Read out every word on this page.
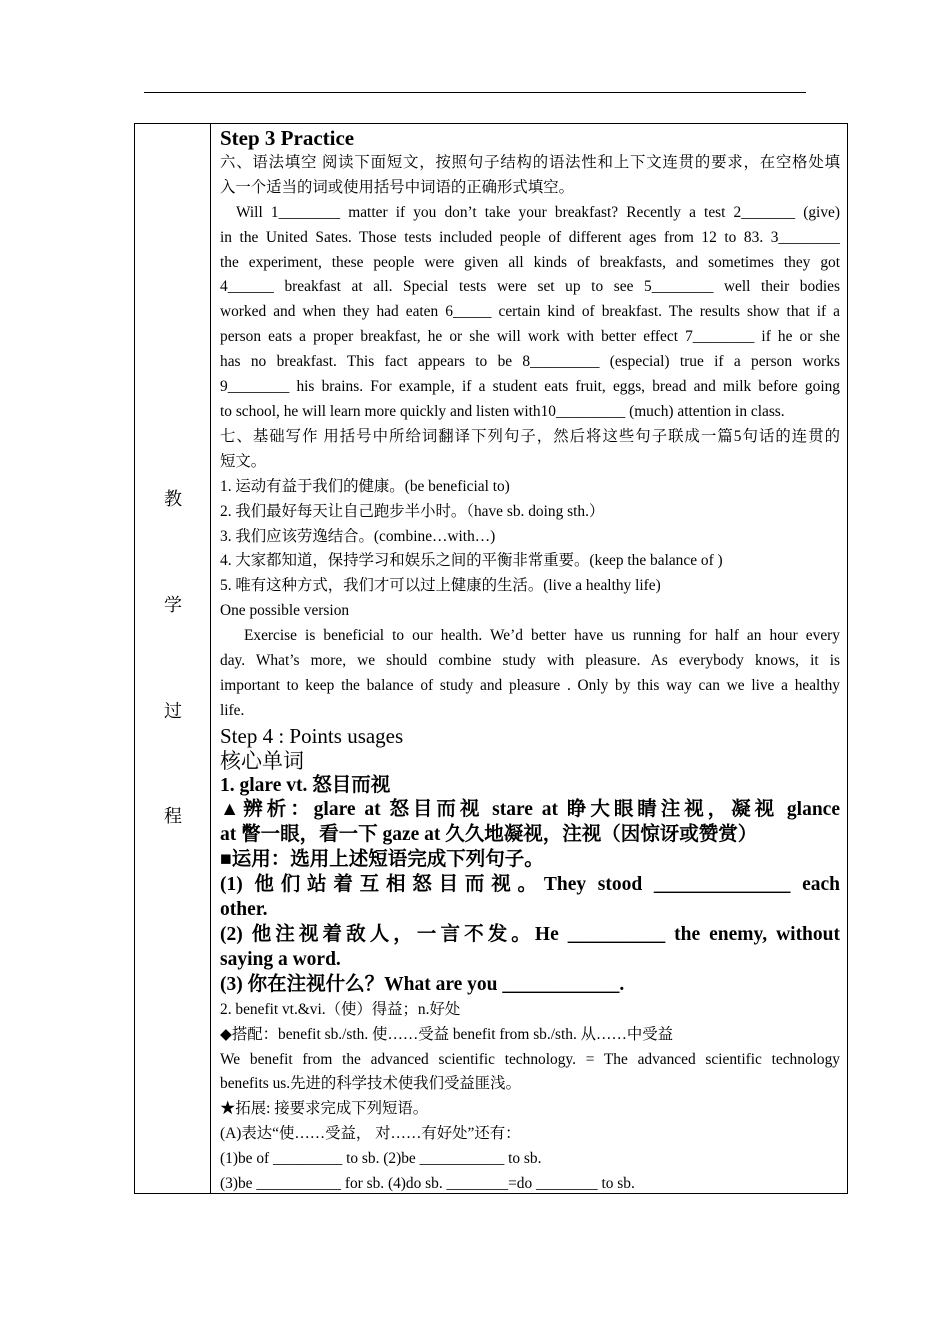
教
学
过
程
Step 3 Practice
六、语法填空 阅读下面短文，按照句子结构的语法性和上下文连贯的要求，在空格处填
入一个适当的词或使用括号中词语的正确形式填空。
Will 1________ matter if you don’t take your breakfast? Recently a test 2_______ (give)
in the United Sates. Those tests included people of different ages from 12 to 83. 3________
the experiment, these people were given all kinds of breakfasts, and sometimes they got
4______ breakfast at all. Special tests were set up to see 5________ well their bodies
worked and when they had eaten 6_____ certain kind of breakfast. The results show that if a
person eats a proper breakfast, he or she will work with better effect 7________ if he or she
has no breakfast. This fact appears to be 8_________ (especial) true if a person works
9________ his brains. For example, if a student eats fruit, eggs, bread and milk before going
to school, he will learn more quickly and listen with10_________ (much) attention in class.
七、基础写作 用括号中所给词翻译下列句子，然后将这些句子联成一篇5句话的连贯的
短文。
1. 运动有益于我们的健康。(be beneficial to)
2. 我们最好每天让自己跑步半小时。（have sb. doing sth.）
3. 我们应该劳逸结合。(combine…with…)
4. 大家都知道，保持学习和娱乐之间的平衡非常重要。(keep the balance of )
5. 唯有这种方式，我们才可以过上健康的生活。(live a healthy life)
One possible version
Exercise is beneficial to our health. We’d better have us running for half an hour every
day. What’s more, we should combine study with pleasure. As everybody knows, it is
important to keep the balance of study and pleasure . Only by this way can we live a healthy
life.
Step 4 : Points usages
核心单词
1. glare vt. 怒目而视
▲辨析：glare at 怒目而视 stare at 睁大眼睛注视，凝视 glance
at 瞥一眼，看一下 gaze at 久久地凝视，注视（因惊讶或赞赏）
■运用：选用上述短语完成下列句子。
(1) 他们站着互相怒目而视。They stood ______________ each
other.
(2) 他注视着敌人，一言不发。He __________ the enemy, without
saying a word.
(3) 你在注视什么？What are you ____________.
2. benefit vt.&vi.（使）得益；n.好处
◆搭配：benefit sb./sth. 使……受益 benefit from sb./sth. 从……中受益
We benefit from the advanced scientific technology. = The advanced scientific technology
benefits us.先进的科学技术使我们受益匪浅。
★拓展: 接要求完成下列短语。
(A)表达“使……受益， 对……有好处”还有：
(1)be of _________ to sb. (2)be ___________ to sb.
(3)be ___________ for sb. (4)do sb. ________=do ________ to sb.
